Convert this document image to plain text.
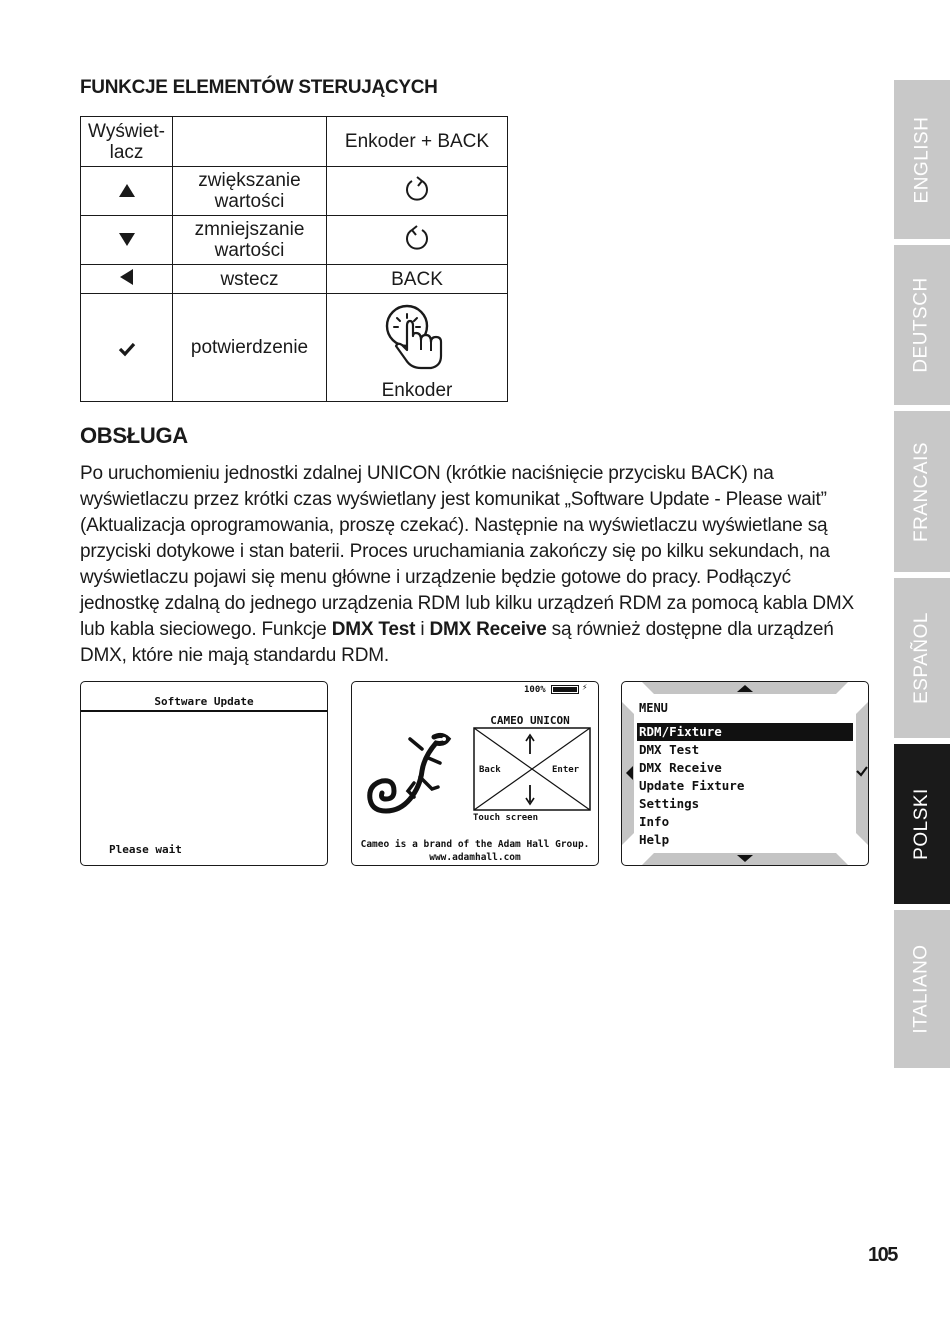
FUNKCJE ELEMENTÓW STERUJĄCYCH
Wyświet-lacz		Enkoder + BACK
	zwiększanie wartości	
	zmniejszanie wartości	
	wstecz	BACK
	potwierdzenie	Enkoder
OBSŁUGA

Po uruchomieniu jednostki zdalnej UNICON (krótkie naciśnięcie przycisku BACK) na wyświetlaczu przez krótki czas wyświetlany jest komunikat „Software Update - Please wait” (Aktualizacja oprogramowania, proszę czekać). Następnie na wyświetlaczu wyświetlane są przyciski dotykowe i stan baterii. Proces uruchamiania zakończy się po kilku sekundach, na wyświetlaczu pojawi się menu główne i urządzenie będzie gotowe do pracy. Podłączyć jednostkę zdalną do jednego urządzenia RDM lub kilku urządzeń RDM za pomocą kabla DMX lub kabla sieciowego. Funkcje DMX Test i DMX Receive są również dostępne dla urządzeń DMX, które nie mają standardu RDM.

Software Update
Please wait
100%	⚡
CAMEO UNICON
Back	Enter
Touch screen
Cameo is a brand of the Adam Hall Group.
www.adamhall.com
MENU
RDM/Fixture
DMX Test
DMX Receive
Update Fixture
Settings
Info
Help
ENGLISH
DEUTSCH
FRANCAIS
ESPAÑOL
POLSKI
ITALIANO
105
